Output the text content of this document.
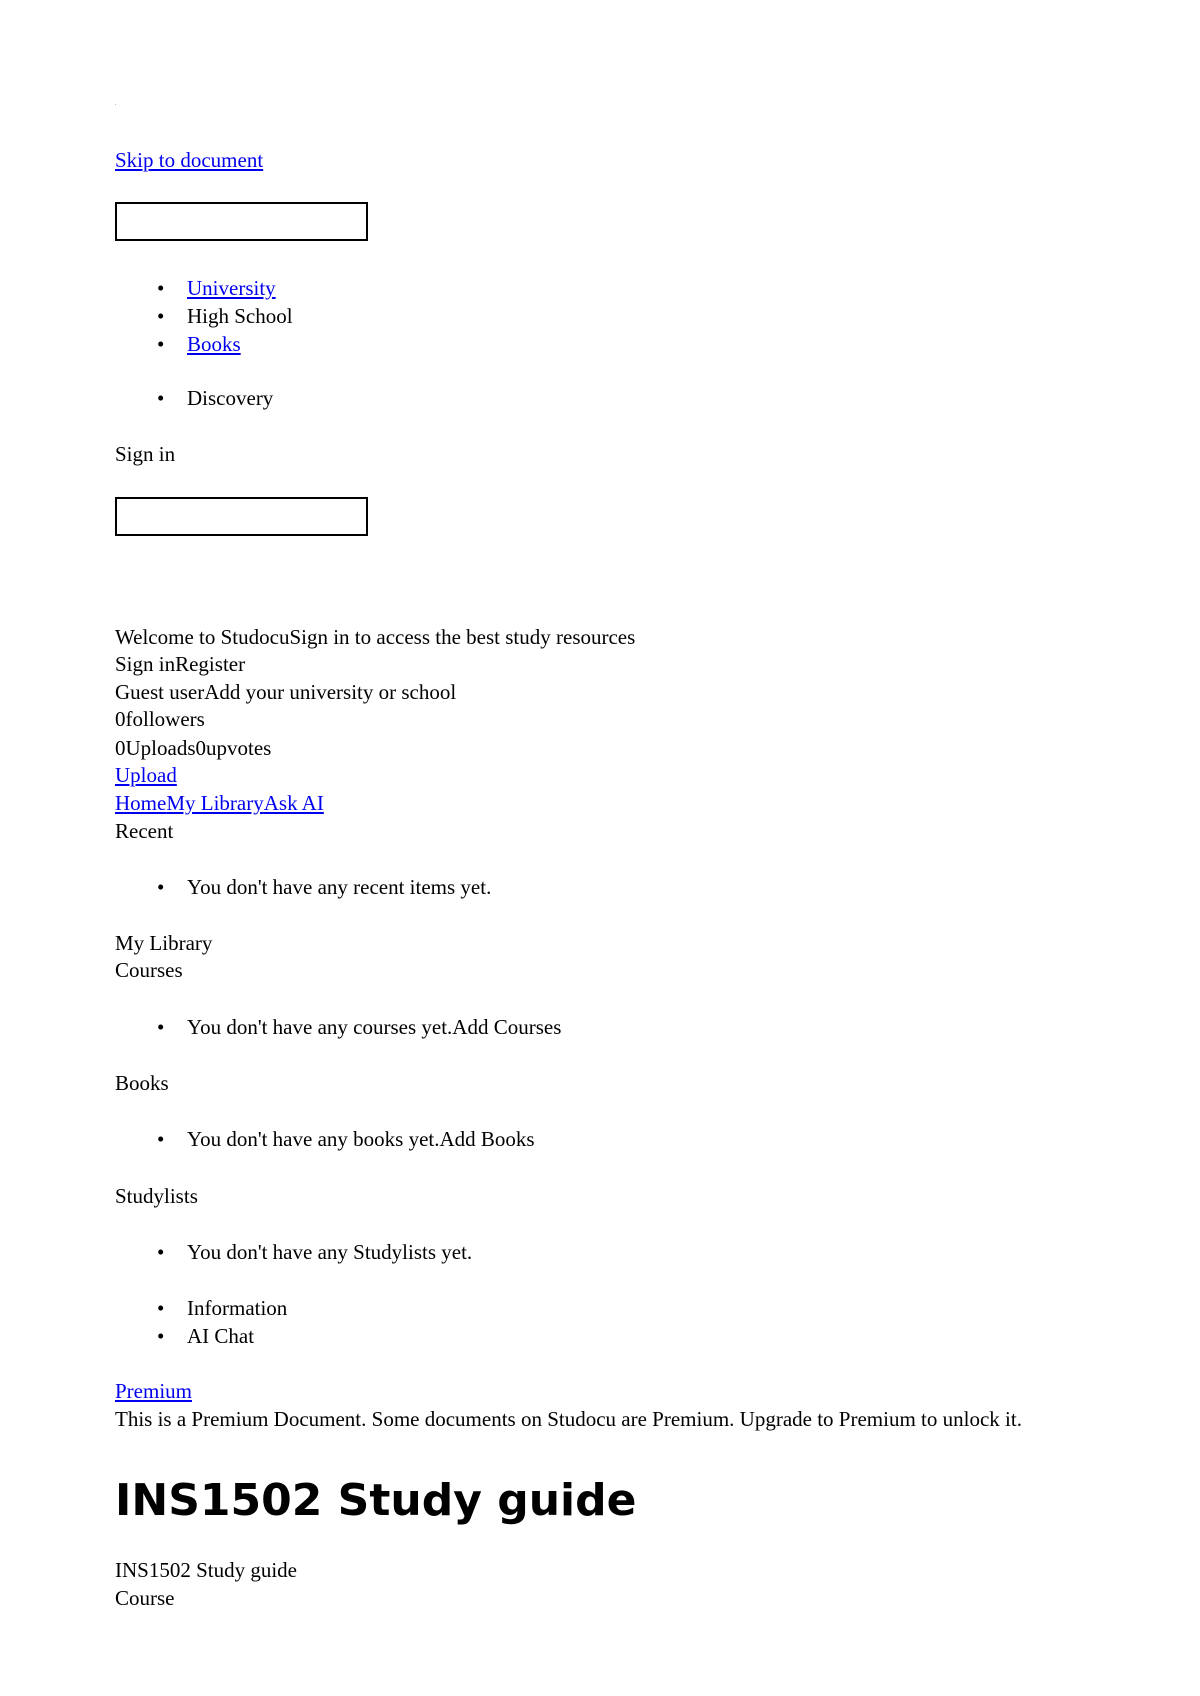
Skip to document
• University
• High School
• Books
• Discovery
Sign in
Welcome to StudocuSign in to access the best study resources
Sign inRegister
Guest userAdd your university or school
0followers
0Uploads0upvotes
Upload
HomeMy LibraryAsk AI
Recent
• You don't have any recent items yet.
My Library
Courses
• You don't have any courses yet.Add Courses
Books
• You don't have any books yet.Add Books
Studylists
• You don't have any Studylists yet.
• Information
• AI Chat
Premium
This is a Premium Document. Some documents on Studocu are Premium. Upgrade to Premium to unlock it.
INS1502 Study guide
INS1502 Study guide
Course
